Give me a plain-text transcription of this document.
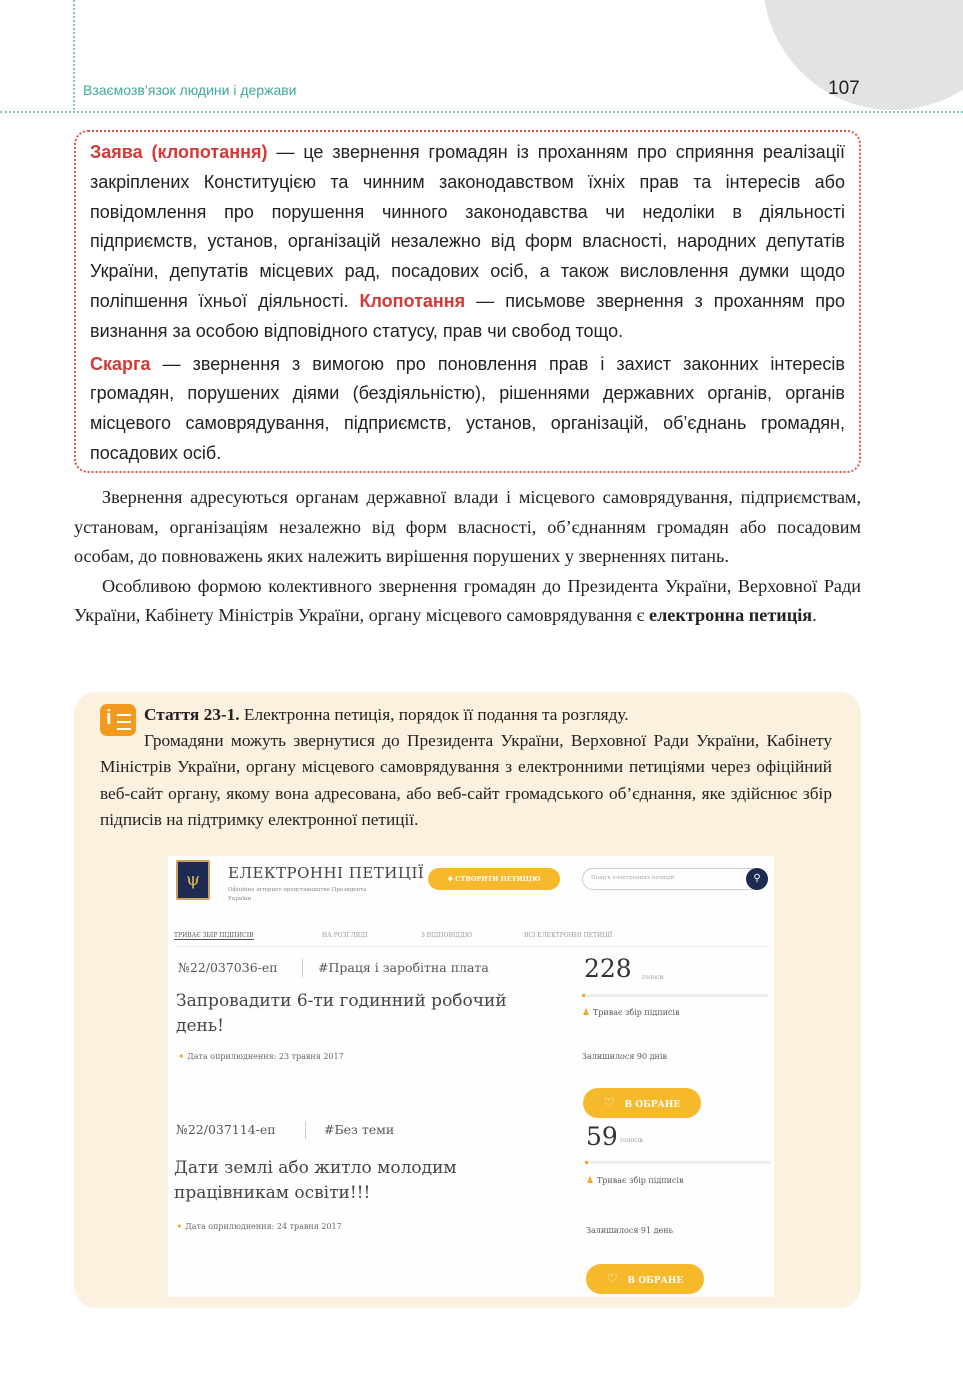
Взаємозв’язок людини і держави	107

Заява (клопотання) — це звернення громадян із проханням про сприяння реалізації закріплених Конституцією та чинним законодавством їхніх прав та інтересів або повідомлення про порушення чинного законодавства чи недоліки в діяльності підприємств, установ, організацій незалежно від форм власності, народних депутатів України, депутатів місцевих рад, посадових осіб, а також висловлення думки щодо поліпшення їхньої діяльності. Клопотання — письмове звернення з проханням про визнання за особою відповідного статусу, прав чи свобод тощо.

Скарга — звернення з вимогою про поновлення прав і захист законних інтересів громадян, порушених діями (бездіяльністю), рішеннями державних органів, органів місцевого самоврядування, підприємств, установ, організацій, об’єднань громадян, посадових осіб.

Звернення адресуються органам державної влади і місцевого самоврядування, підприємствам, установам, організаціям незалежно від форм власності, об’єднанням громадян або посадовим особам, до повноважень яких належить вирішення порушених у зверненнях питань.

Особливою формою колективного звернення громадян до Президента України, Верховної Ради України, Кабінету Міністрів України, органу місцевого самоврядування є електронна петиція.

i	Стаття 23-1. Електронна петиція, порядок її подання та розгляду.
Громадяни можуть звернутися до Президента України, Верховної Ради України, Кабінету Міністрів України, органу місцевого самоврядування з електронними петиціями через офіційний веб-сайт органу, якому вона адресована, або веб-сайт громадського об’єднання, яке здійснює збір підписів на підтримку електронної петиції.
ψ	ЕЛЕКТРОННІ ПЕТИЦІЇ
Офіційне інтернет-представництво Президента України
✚ СТВОРИТИ ПЕТИЦІЮ	Пошук електронних петицій	⚲
ТРИВАЄ ЗБІР ПІДПИСІВ	НА РОЗГЛЯДІ	З ВІДПОВІДДЮ	ВСІ ЕЛЕКТРОННІ ПЕТИЦІЇ
№22/037036-еп	#Праця і заробітна плата
Запровадити 6-ти годинний робочий день!
✦ Дата оприлюднення: 23 травня 2017
228 голоси
♟ Триває збір підписів
Залишилося 90 днів
♡ В ОБРАНЕ
№22/037114-еп	#Без теми
Дати землі або житло молодим працівникам освіти!!!
✦ Дата оприлюднення: 24 травня 2017
59 голосів
♟ Триває збір підписів
Залишилося 91 день
♡ В ОБРАНЕ
